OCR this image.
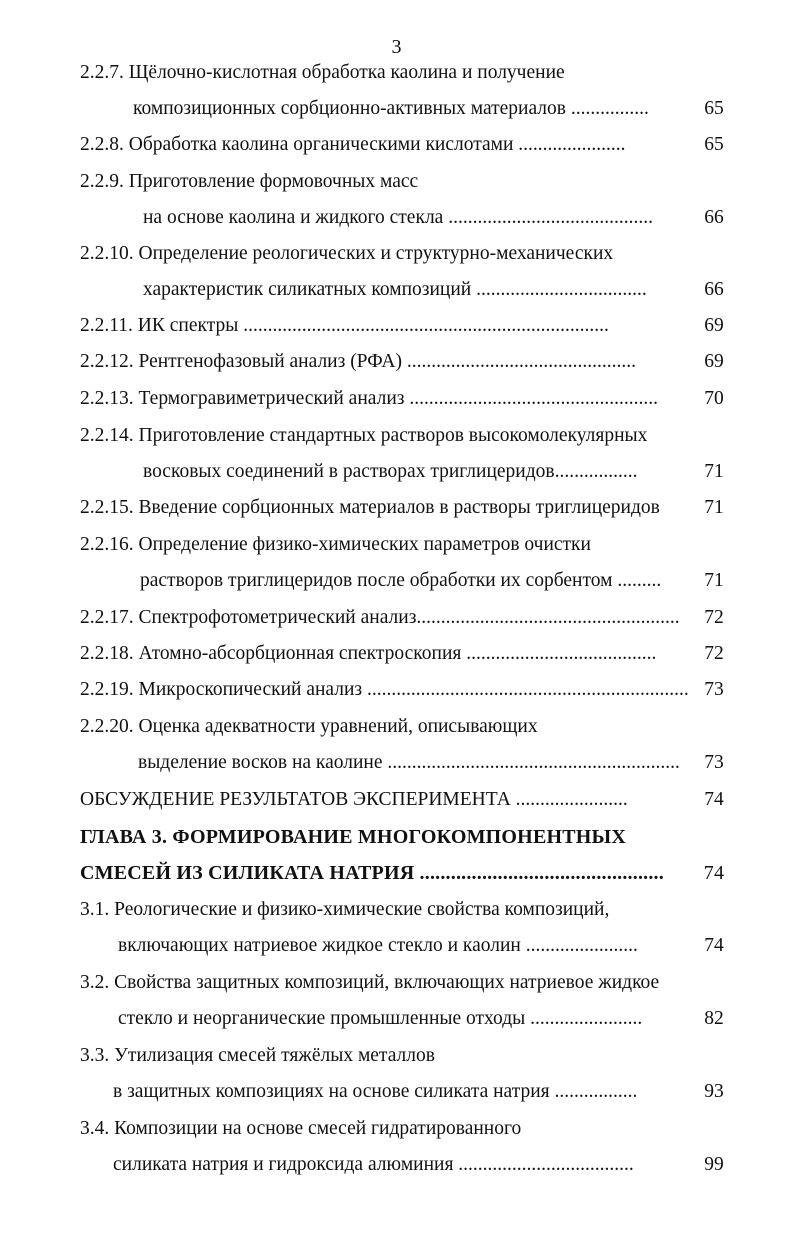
3
2.2.7. Щёлочно-кислотная обработка каолина и получение
композиционных сорбционно-активных материалов ................	65
2.2.8. Обработка каолина органическими кислотами ......................	65
2.2.9. Приготовление формовочных масс
на основе каолина и жидкого стекла ..........................................	66
2.2.10. Определение реологических и структурно-механических
характеристик силикатных композиций ...................................	66
2.2.11. ИК спектры ...........................................................................	69
2.2.12. Рентгенофазовый анализ (РФА) ...............................................	69
2.2.13. Термогравиметрический анализ ...................................................	70
2.2.14. Приготовление стандартных растворов высокомолекулярных
восковых соединений в растворах триглицеридов.................	71
2.2.15. Введение сорбционных материалов в растворы триглицеридов	71
2.2.16. Определение физико-химических параметров очистки
растворов триглицеридов после обработки их сорбентом .........	71
2.2.17. Спектрофотометрический анализ......................................................	72
2.2.18. Атомно-абсорбционная спектроскопия .......................................	72
2.2.19. Микроскопический анализ .................................................................. 73
2.2.20. Оценка адекватности уравнений, описывающих
выделение восков на каолине ............................................................	73
ОБСУЖДЕНИЕ РЕЗУЛЬТАТОВ ЭКСПЕРИМЕНТА .......................	74
ГЛАВА 3. ФОРМИРОВАНИЕ МНОГОКОМПОНЕНТНЫХ
СМЕСЕЙ ИЗ СИЛИКАТА НАТРИЯ ...............................................	74
3.1. Реологические и физико-химические свойства композиций,
включающих натриевое жидкое стекло и каолин .......................	74
3.2. Свойства защитных композиций, включающих натриевое жидкое
стекло и неорганические промышленные отходы .......................	82
3.3. Утилизация смесей тяжёлых металлов
в защитных композициях на основе силиката натрия .................	93
3.4. Композиции на основе смесей гидратированного
силиката натрия и гидроксида алюминия ....................................	99
